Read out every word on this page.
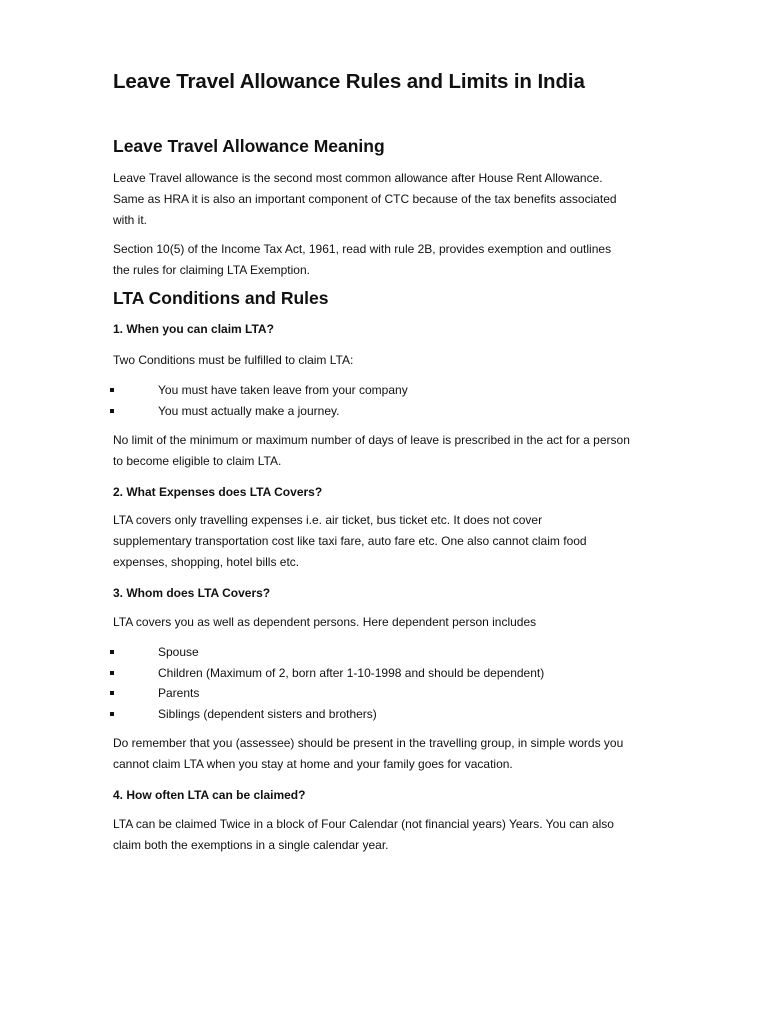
Leave Travel Allowance Rules and Limits in India
Leave Travel Allowance Meaning

Leave Travel allowance is the second most common allowance after House Rent Allowance.
Same as HRA it is also an important component of CTC because of the tax benefits associated
with it.

Section 10(5) of the Income Tax Act, 1961, read with rule 2B, provides exemption and outlines
the rules for claiming LTA Exemption.

LTA Conditions and Rules
1. When you can claim LTA?

Two Conditions must be fulfilled to claim LTA:

You must have taken leave from your company
You must actually make a journey.

No limit of the minimum or maximum number of days of leave is prescribed in the act for a person
to become eligible to claim LTA.

2. What Expenses does LTA Covers?

LTA covers only travelling expenses i.e. air ticket, bus ticket etc. It does not cover
supplementary transportation cost like taxi fare, auto fare etc. One also cannot claim food
expenses, shopping, hotel bills etc.

3. Whom does LTA Covers?

LTA covers you as well as dependent persons. Here dependent person includes

Spouse
Children (Maximum of 2, born after 1-10-1998 and should be dependent)
Parents
Siblings (dependent sisters and brothers)

Do remember that you (assessee) should be present in the travelling group, in simple words you
cannot claim LTA when you stay at home and your family goes for vacation.

4. How often LTA can be claimed?

LTA can be claimed Twice in a block of Four Calendar (not financial years) Years. You can also
claim both the exemptions in a single calendar year.
